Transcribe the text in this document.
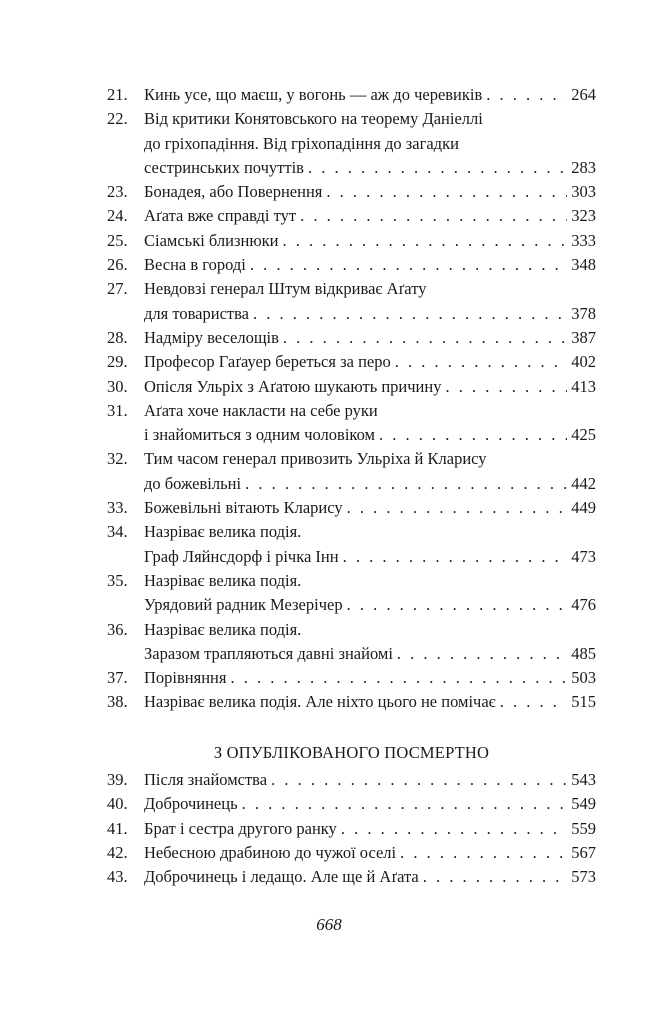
21. Кинь усе, що маєш, у вогонь — аж до черевиків . . .	264
22. Від критики Конятовського на теорему Даніеллі
до гріхопадіння. Від гріхопадіння до загадки
сестринських почуттів . . .	283
23. Бонадея, або Повернення . . .	303
24. Аґата вже справді тут . . .	323
25. Сіамські близнюки . . .	333
26. Весна в городі . . .	348
27. Невдовзі генерал Штум відкриває Аґату
для товариства . . .	378
28. Надміру веселощів . . .	387
29. Професор Гаґауер береться за перо . . .	402
30. Опісля Ульріх з Аґатою шукають причину . . .	413
31. Аґата хоче накласти на себе руки
і знайомиться з одним чоловіком . . .	425
32. Тим часом генерал привозить Ульріха й Кларису
до божевільні . . .	442
33. Божевільні вітають Кларису . . .	449
34. Назріває велика подія.
Граф Ляйнсдорф і річка Інн . . .	473
35. Назріває велика подія.
Урядовий радник Мезерічер . . .	476
36. Назріває велика подія.
Заразом трапляються давні знайомі . . .	485
37. Порівняння . . .	503
38. Назріває велика подія. Але ніхто цього не помічає . . .	515
З ОПУБЛІКОВАНОГО ПОСМЕРТНО
39. Після знайомства . . .	543
40. Доброчинець . . .	549
41. Брат і сестра другого ранку . . .	559
42. Небесною драбиною до чужої оселі . . .	567
43. Доброчинець і ледащо. Але ще й Аґата . . .	573
668
